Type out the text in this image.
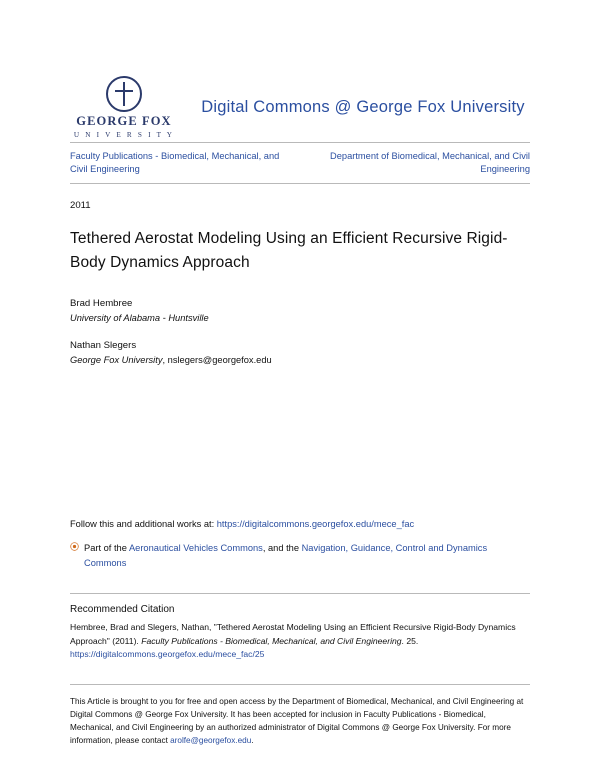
GEORGE FOX
U N I V E R S I T Y
Digital Commons @ George Fox University
Faculty Publications - Biomedical, Mechanical, and Civil Engineering
Department of Biomedical, Mechanical, and Civil Engineering
2011
Tethered Aerostat Modeling Using an Efficient Recursive Rigid-Body Dynamics Approach
Brad Hembree
University of Alabama - Huntsville
Nathan Slegers
George Fox University, nslegers@georgefox.edu
Follow this and additional works at: https://digitalcommons.georgefox.edu/mece_fac
⦿ Part of the Aeronautical Vehicles Commons, and the Navigation, Guidance, Control and Dynamics Commons
Recommended Citation
Hembree, Brad and Slegers, Nathan, "Tethered Aerostat Modeling Using an Efficient Recursive Rigid-Body Dynamics Approach" (2011). Faculty Publications - Biomedical, Mechanical, and Civil Engineering. 25.
https://digitalcommons.georgefox.edu/mece_fac/25
This Article is brought to you for free and open access by the Department of Biomedical, Mechanical, and Civil Engineering at Digital Commons @ George Fox University. It has been accepted for inclusion in Faculty Publications - Biomedical, Mechanical, and Civil Engineering by an authorized administrator of Digital Commons @ George Fox University. For more information, please contact arolfe@georgefox.edu.
